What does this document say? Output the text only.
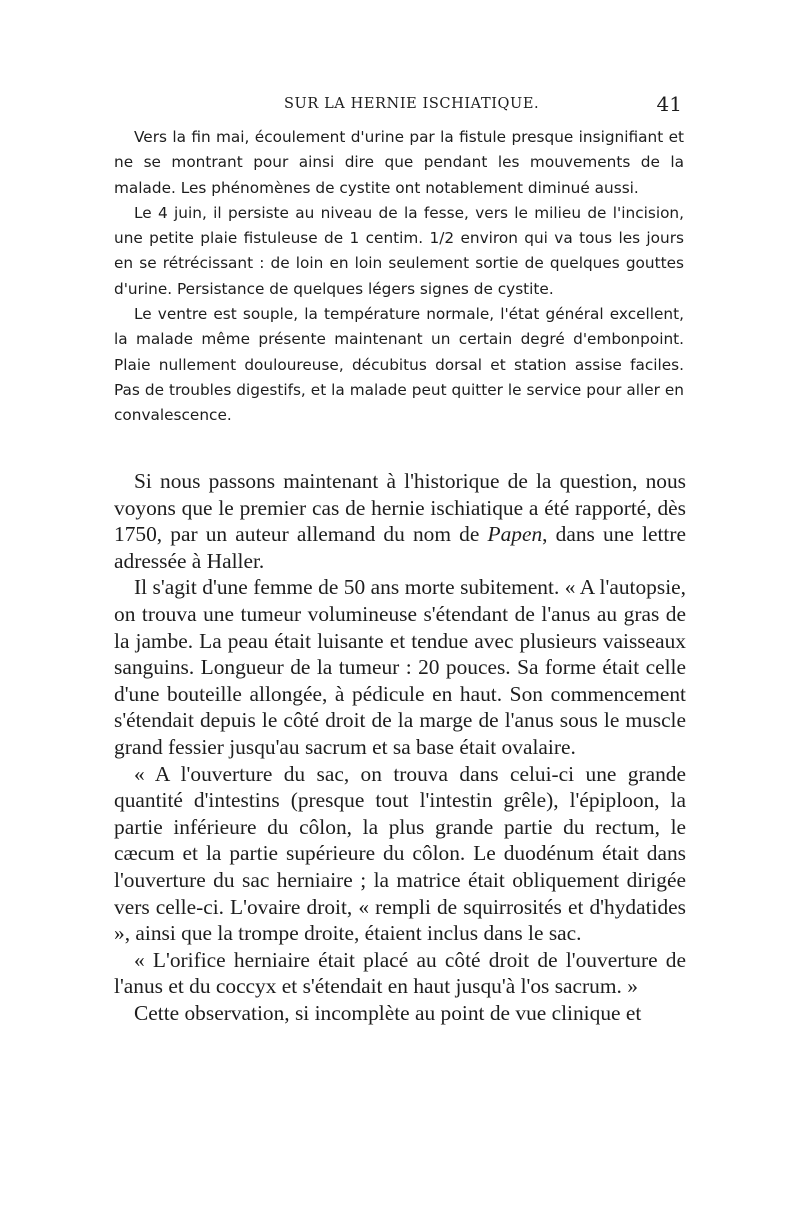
SUR LA HERNIE ISCHIATIQUE.	41

Vers la fin mai, écoulement d'urine par la fistule presque insignifiant et ne se montrant pour ainsi dire que pendant les mouvements de la malade. Les phénomènes de cystite ont notablement diminué aussi.

Le 4 juin, il persiste au niveau de la fesse, vers le milieu de l'incision, une petite plaie fistuleuse de 1 centim. 1/2 environ qui va tous les jours en se rétrécissant : de loin en loin seulement sortie de quelques gouttes d'urine. Persistance de quelques légers signes de cystite.

Le ventre est souple, la température normale, l'état général excellent, la malade même présente maintenant un certain degré d'embonpoint. Plaie nullement douloureuse, décubitus dorsal et station assise faciles. Pas de troubles digestifs, et la malade peut quitter le service pour aller en convalescence.

Si nous passons maintenant à l'historique de la question, nous voyons que le premier cas de hernie ischiatique a été rapporté, dès 1750, par un auteur allemand du nom de Papen, dans une lettre adressée à Haller.

Il s'agit d'une femme de 50 ans morte subitement. « A l'autopsie, on trouva une tumeur volumineuse s'étendant de l'anus au gras de la jambe. La peau était luisante et tendue avec plusieurs vaisseaux sanguins. Longueur de la tumeur : 20 pouces. Sa forme était celle d'une bouteille allongée, à pédicule en haut. Son commencement s'étendait depuis le côté droit de la marge de l'anus sous le muscle grand fessier jusqu'au sacrum et sa base était ovalaire.

« A l'ouverture du sac, on trouva dans celui-ci une grande quantité d'intestins (presque tout l'intestin grêle), l'épiploon, la partie inférieure du côlon, la plus grande partie du rectum, le cæcum et la partie supérieure du côlon. Le duodénum était dans l'ouverture du sac herniaire ; la matrice était obliquement dirigée vers celle-ci. L'ovaire droit, « rempli de squirrosités et d'hydatides », ainsi que la trompe droite, étaient inclus dans le sac.

« L'orifice herniaire était placé au côté droit de l'ouverture de l'anus et du coccyx et s'étendait en haut jusqu'à l'os sacrum. »

Cette observation, si incomplète au point de vue clinique et
